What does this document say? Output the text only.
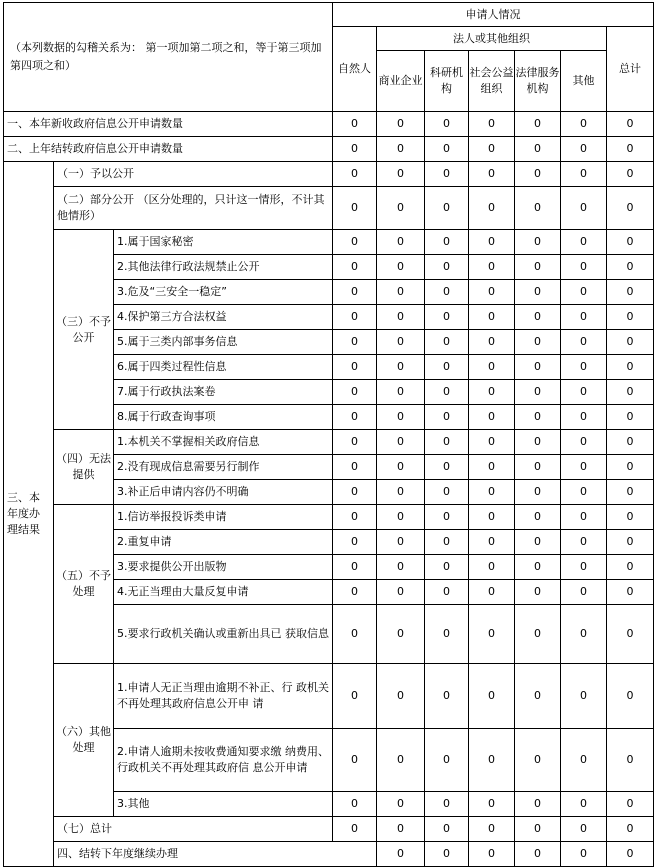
（本列数据的勾稽关系为： 第一项加第二项之和，等于第三项加第四项之和）			申请人情况							
			自然人	法人或其他组织					总计	
				商业企业	科研机构	社会公益组织	法律服务机构	其他		
一、本年新收政府信息公开申请数量			0	0	0	0	0	0	0	
二、上年结转政府信息公开申请数量			0	0	0	0	0	0	0	
三、本年度办理结果	（一）予以公开		0	0	0	0	0	0	0	
	（二）部分公开 （区分处理的，只计这一情形，不计其他情形）		0	0	0	0	0	0	0	
	（三）不予公开	1.属于国家秘密	0	0	0	0	0	0	0	
		2.其他法律行政法规禁止公开	0	0	0	0	0	0	0	
		3.危及“三安全一稳定”	0	0	0	0	0	0	0	
		4.保护第三方合法权益	0	0	0	0	0	0	0	
		5.属于三类内部事务信息	0	0	0	0	0	0	0	
		6.属于四类过程性信息	0	0	0	0	0	0	0	
		7.属于行政执法案卷	0	0	0	0	0	0	0	
		8.属于行政查询事项	0	0	0	0	0	0	0	
	（四）无法提供	1.本机关不掌握相关政府信息	0	0	0	0	0	0	0	
		2.没有现成信息需要另行制作	0	0	0	0	0	0	0	
		3.补正后申请内容仍不明确	0	0	0	0	0	0	0	
	（五）不予处理	1.信访举报投诉类申请	0	0	0	0	0	0	0	
		2.重复申请	0	0	0	0	0	0	0	
		3.要求提供公开出版物	0	0	0	0	0	0	0	
		4.无正当理由大量反复申请	0	0	0	0	0	0	0	
		5.要求行政机关确认或重新出具已 获取信息	0	0	0	0	0	0	0	
	（六）其他处理	1.申请人无正当理由逾期不补正、行 政机关不再处理其政府信息公开申 请	0	0	0	0	0	0	0	
		2.申请人逾期未按收费通知要求缴 纳费用、行政机关不再处理其政府信 息公开申请	0	0	0	0	0	0	0	
		3.其他	0	0	0	0	0	0	0	
	（七）总计		0	0	0	0	0	0	0	
	四、结转下年度继续办理			0	0	0	0	0	0	
